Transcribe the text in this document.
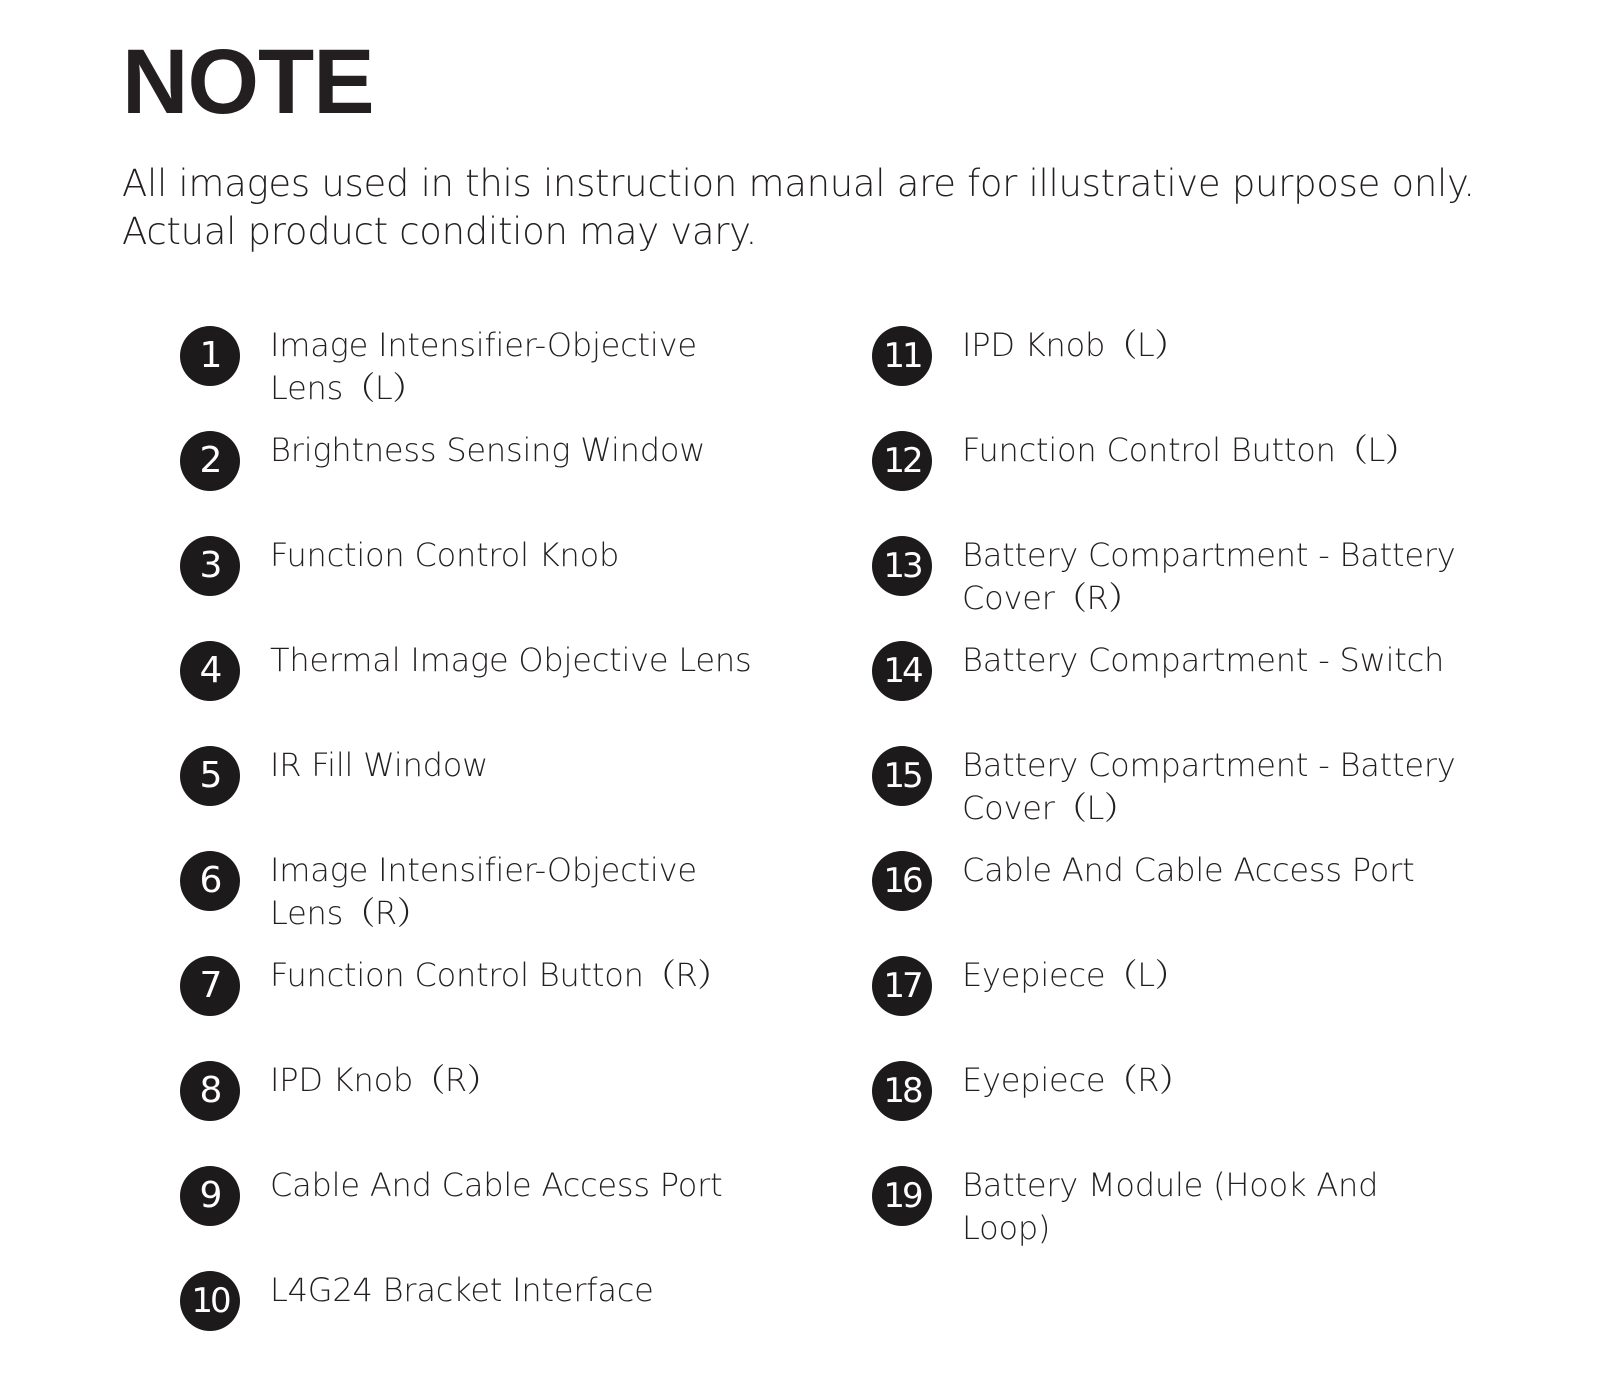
NOTE

All images used in this instruction manual are for illustrative purpose only.
Actual product condition may vary.

1	Image Intensifier-Objective
Lens（L）
2	Brightness Sensing Window
3	Function Control Knob
4	Thermal Image Objective Lens
5	IR Fill Window
6	Image Intensifier-Objective
Lens（R）
7	Function Control Button（R）
8	IPD Knob（R）
9	Cable And Cable Access Port
10	L4G24 Bracket Interface
11	IPD Knob（L）
12	Function Control Button（L）
13	Battery Compartment - Battery
Cover（R）
14	Battery Compartment - Switch
15	Battery Compartment - Battery
Cover（L）
16	Cable And Cable Access Port
17	Eyepiece（L）
18	Eyepiece（R）
19	Battery Module (Hook And
Loop)
